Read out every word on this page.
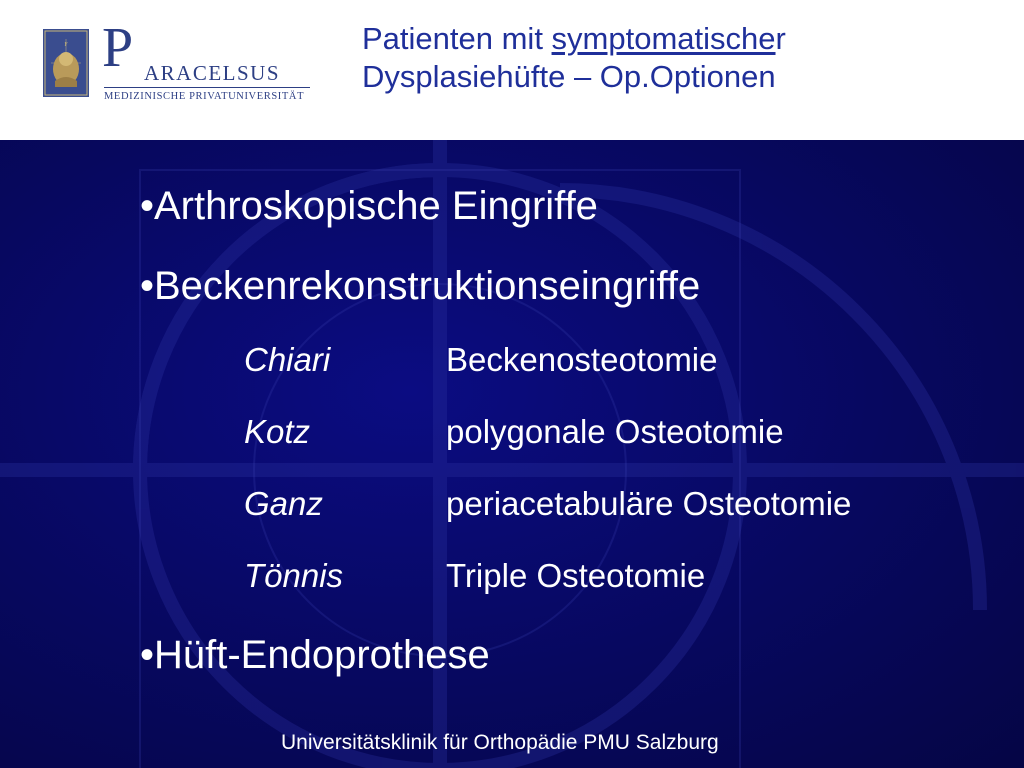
F P ARACELSUS
MEDIZINISCHE PRIVATUNIVERSITÄT
Patienten mit symptomatischer
Dysplasiehüfte – Op.Optionen
•Arthroskopische Eingriffe
•Beckenrekonstruktionseingriffe
Chiari	Beckenosteotomie
Kotz	polygonale Osteotomie
Ganz	periacetabuläre Osteotomie
Tönnis	Triple Osteotomie
•Hüft-Endoprothese
Universitätsklinik für Orthopädie PMU Salzburg
